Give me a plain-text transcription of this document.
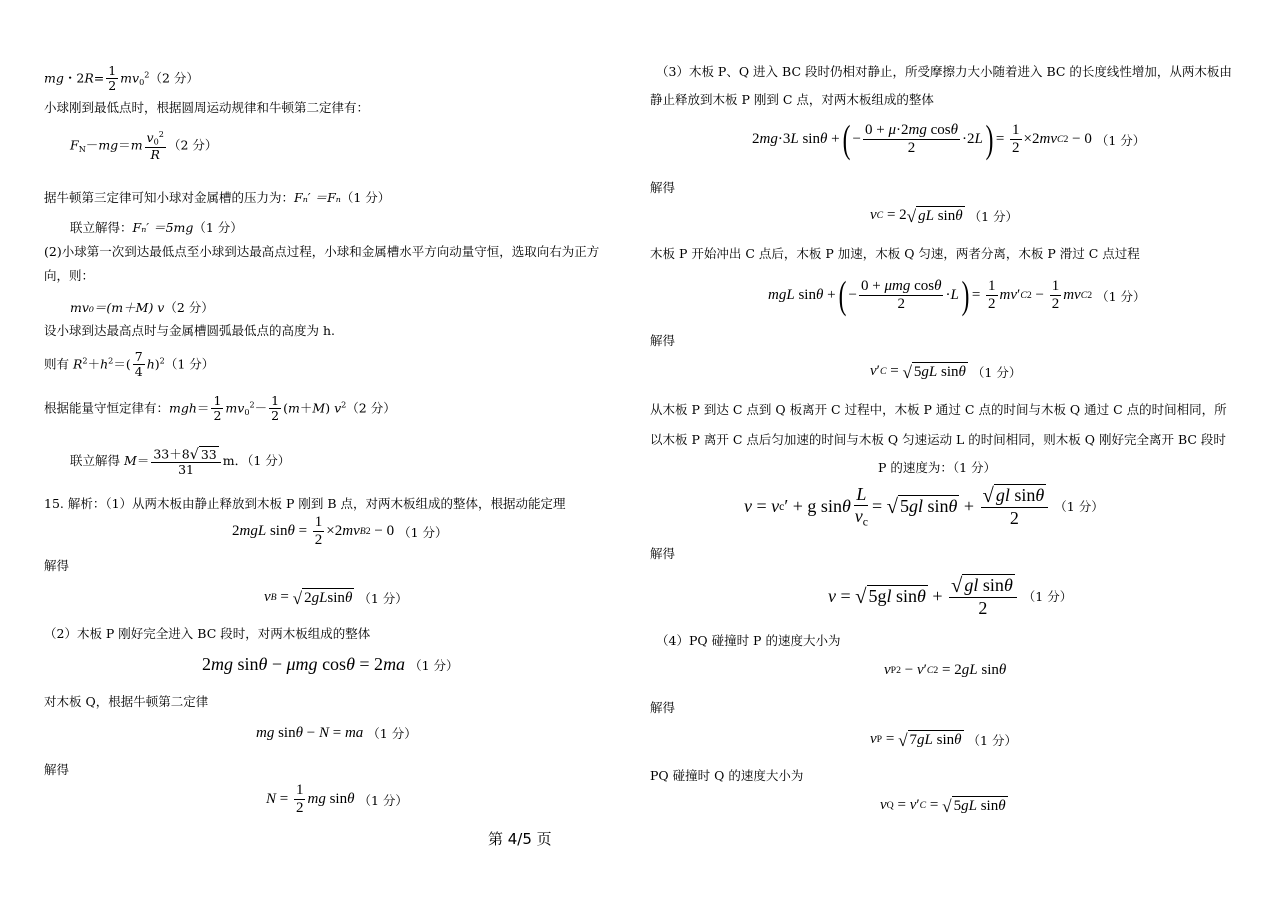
mg・$2R= \frac{1}{2} mv_0^2(2$ 分）
小球刚到最低点时，根据圆周运动规律和牛顿第二定律有：
$F_N-mg=m \frac{v_0^2}{R} (2$ 分）
据牛顿第三定律可知小球对金属槽的压力为：Fₙ′ ＝Fₙ（1 分）
联立解得：Fₙ′ ＝5mg（1 分）
(2)小球第一次到达最低点至小球到达最高点过程，小球和金属槽水平方向动量守恒，选取向右为正方
向，则：
mv₀＝(m＋M) v（2 分）
设小球到达最高点时与金属槽圆弧最低点的高度为 h.
则有 $R^2+h^2=( \frac{7}{4} h)^2(1$ 分）
根据能量守恒定律有：$mgh= \frac{1}{2} mv_0^2- \frac{1}{2} (m+M)$ $v^2(2$ 分）
联立解得 $M= \frac{33+8 √ 33}{31}$ m．（1 分）
15. 解析：（1）从两木板由静止释放到木板 P 刚到 B 点，对两木板组成的整体，根据动能定理
2 mgL $\sin \theta = \frac{1}{2} \times 2$ mv B 2 − 0 （1 分）
解得
v B = √ 2gLsinθ （1 分）
（2）木板 P 刚好完全进入 BC 段时，对两木板组成的整体
2 mg sin θ − μmg cos θ = 2 ma （1 分）
对木板 Q，根据牛顿第二定律
mg sin θ − N = ma （1 分）
解得
$N = \frac{1}{2}$ mg sin θ （1 分）
（3）木板 P、Q 进入 BC 段时仍相对静止，所受摩擦力大小随着进入 BC 的长度线性增加，从两木板由
静止释放到木板 P 刚到 C 点，对两木板组成的整体
2 mg ·3 L sin θ + ( − $\frac{\text{0 + μ·2mg cosθ}}{2} \cdot 2$ L ) = $\frac{1}{2} \times 2$ mv C 2 − 0 （1 分）
解得
v C = 2 √ gL sinθ （1 分）
木板 P 开始冲出 C 点后，木板 P 加速，木板 Q 匀速，两者分离，木板 P 滑过 C 点过程
mgL sin θ + ( − $\frac{\text{0 + μmg cosθ}}{2} \cdot L$ ) = $\frac{1}{2}$ mv ′ C $2 - \frac{1}{2}$ mv C 2 （1 分）
解得
v ′ C = √ 5gL sinθ （1 分）
从木板 P 到达 C 点到 Q 板离开 C 过程中，木板 P 通过 C 点的时间与木板 Q 通过 C 点的时间相同，所
以木板 P 离开 C 点后匀加速的时间与木板 Q 匀速运动 L 的时间相同，则木板 Q 刚好完全离开 BC 段时
P 的速度为：（1 分）
v = v c ′ + g sin θ $\frac{L}{v_c}$ = √ 5gl $\sin\theta + \frac{\text{√ gl sinθ}}{2} (1$ 分）
解得
v = √ 5gl $\sin\theta + \frac{\text{√ gl sinθ}}{2} (1$ 分）
（4）PQ 碰撞时 P 的速度大小为
v P 2 − v ′ C 2 = 2 gL sin θ
解得
v P = √ 7gL sinθ （1 分）
PQ 碰撞时 Q 的速度大小为
v Q = v ′ C = √ 5gL sinθ
第 4/5 页
